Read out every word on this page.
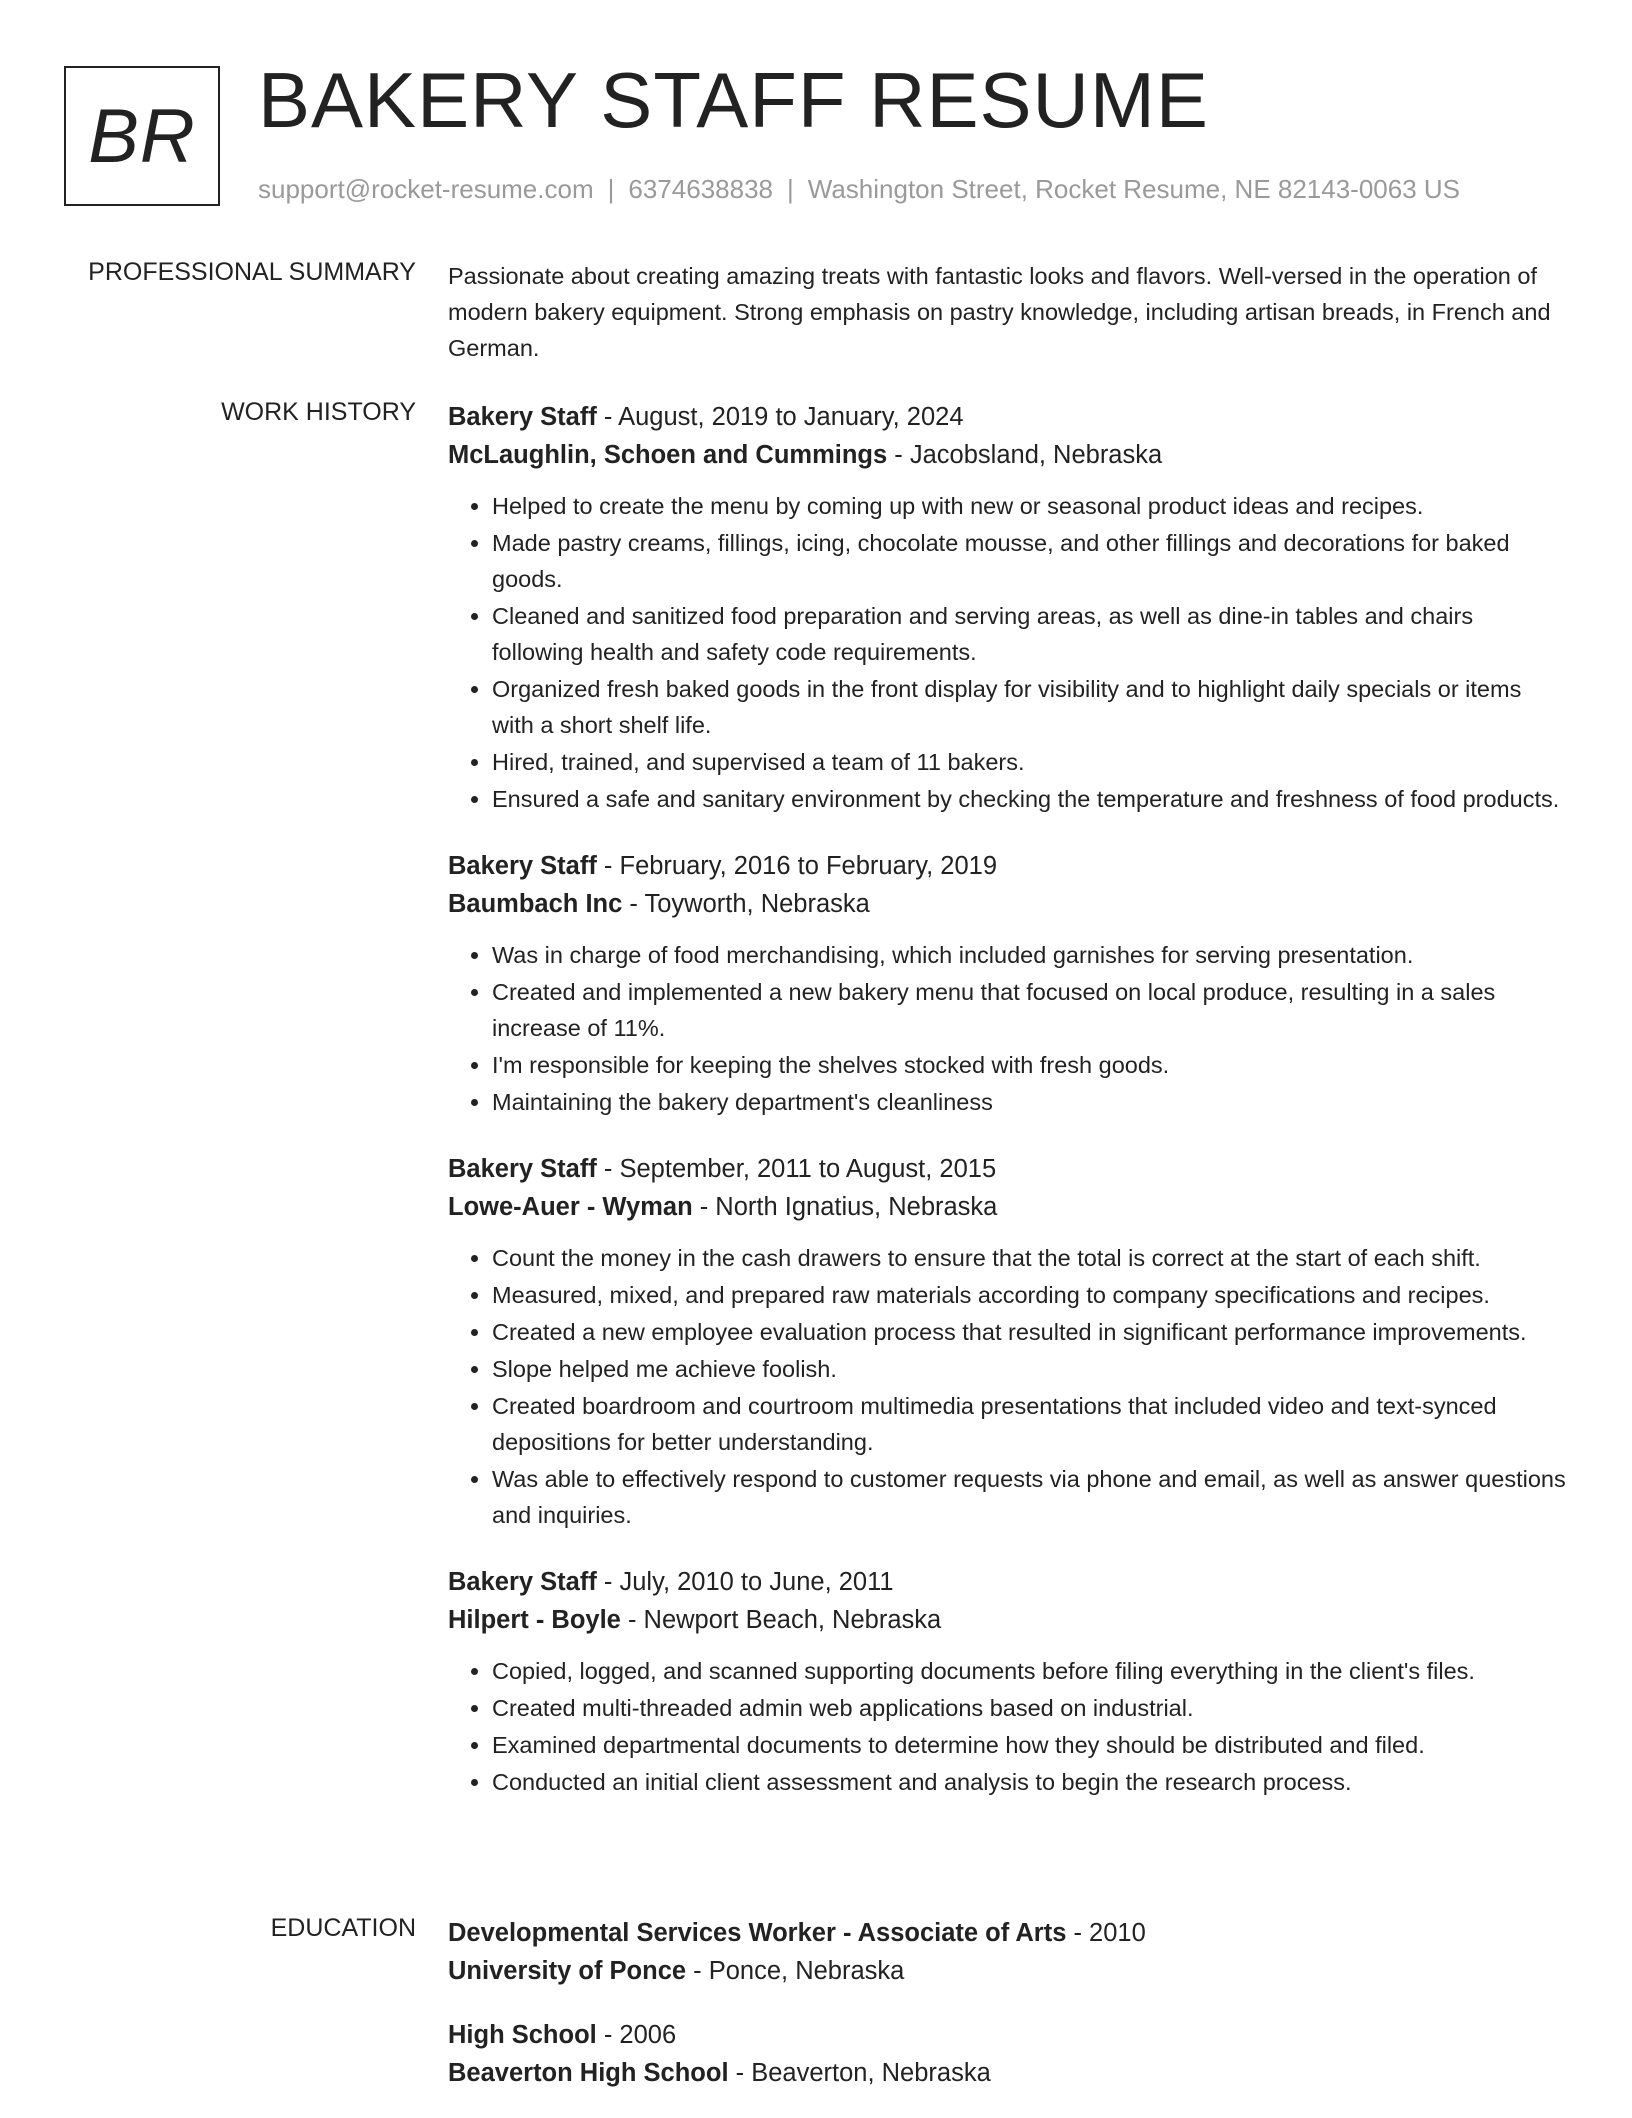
BR BAKERY STAFF RESUME
support@rocket-resume.com | 6374638838 | Washington Street, Rocket Resume, NE 82143-0063 US
PROFESSIONAL SUMMARY Passionate about creating amazing treats with fantastic looks and flavors. Well-versed in the operation of modern bakery equipment. Strong emphasis on pastry knowledge, including artisan breads, in French and German.
WORK HISTORY Bakery Staff - August, 2019 to January, 2024
McLaughlin, Schoen and Cummings - Jacobsland, Nebraska
• Helped to create the menu by coming up with new or seasonal product ideas and recipes.
• Made pastry creams, fillings, icing, chocolate mousse, and other fillings and decorations for baked goods.
• Cleaned and sanitized food preparation and serving areas, as well as dine-in tables and chairs following health and safety code requirements.
• Organized fresh baked goods in the front display for visibility and to highlight daily specials or items with a short shelf life.
• Hired, trained, and supervised a team of 11 bakers.
• Ensured a safe and sanitary environment by checking the temperature and freshness of food products.
Bakery Staff - February, 2016 to February, 2019
Baumbach Inc - Toyworth, Nebraska
• Was in charge of food merchandising, which included garnishes for serving presentation.
• Created and implemented a new bakery menu that focused on local produce, resulting in a sales increase of 11%.
• I'm responsible for keeping the shelves stocked with fresh goods.
• Maintaining the bakery department's cleanliness
Bakery Staff - September, 2011 to August, 2015
Lowe-Auer - Wyman - North Ignatius, Nebraska
• Count the money in the cash drawers to ensure that the total is correct at the start of each shift.
• Measured, mixed, and prepared raw materials according to company specifications and recipes.
• Created a new employee evaluation process that resulted in significant performance improvements.
• Slope helped me achieve foolish.
• Created boardroom and courtroom multimedia presentations that included video and text-synced depositions for better understanding.
• Was able to effectively respond to customer requests via phone and email, as well as answer questions and inquiries.
Bakery Staff - July, 2010 to June, 2011
Hilpert - Boyle - Newport Beach, Nebraska
• Copied, logged, and scanned supporting documents before filing everything in the client's files.
• Created multi-threaded admin web applications based on industrial.
• Examined departmental documents to determine how they should be distributed and filed.
• Conducted an initial client assessment and analysis to begin the research process.
EDUCATION Developmental Services Worker - Associate of Arts - 2010
University of Ponce - Ponce, Nebraska
High School - 2006
Beaverton High School - Beaverton, Nebraska
